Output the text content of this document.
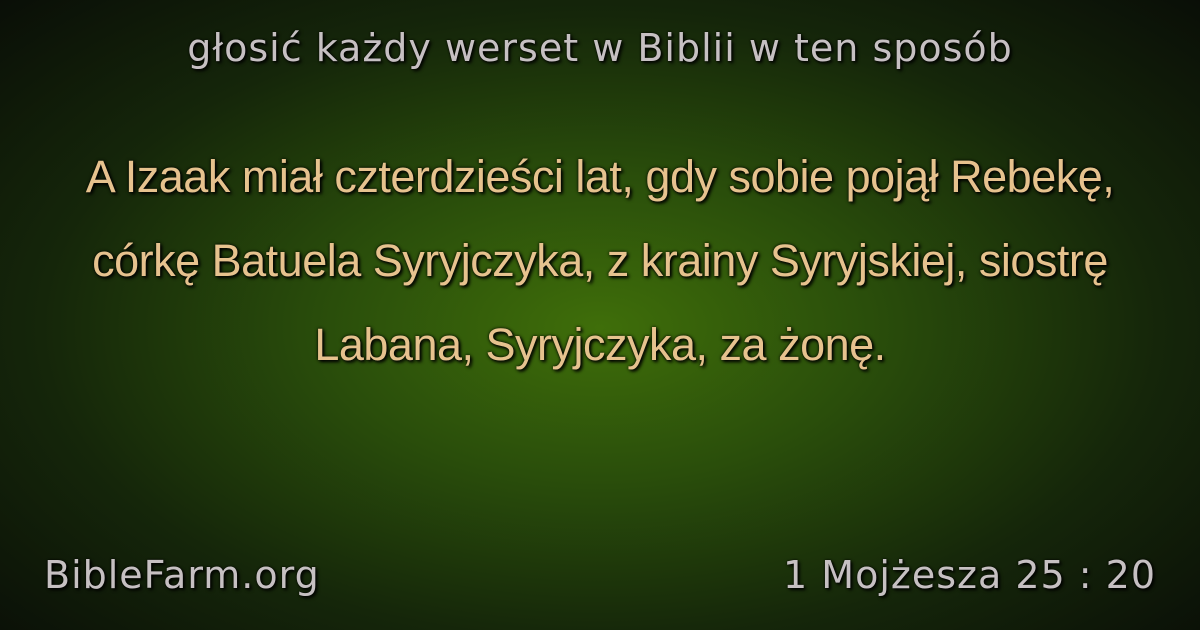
głosić każdy werset w Biblii w ten sposób
A Izaak miał czterdzieści lat, gdy sobie pojął Rebekę, córkę Batuela Syryjczyka, z krainy Syryjskiej, siostrę Labana, Syryjczyka, za żonę.
BibleFarm.org	1 Mojżesza 25 : 20
